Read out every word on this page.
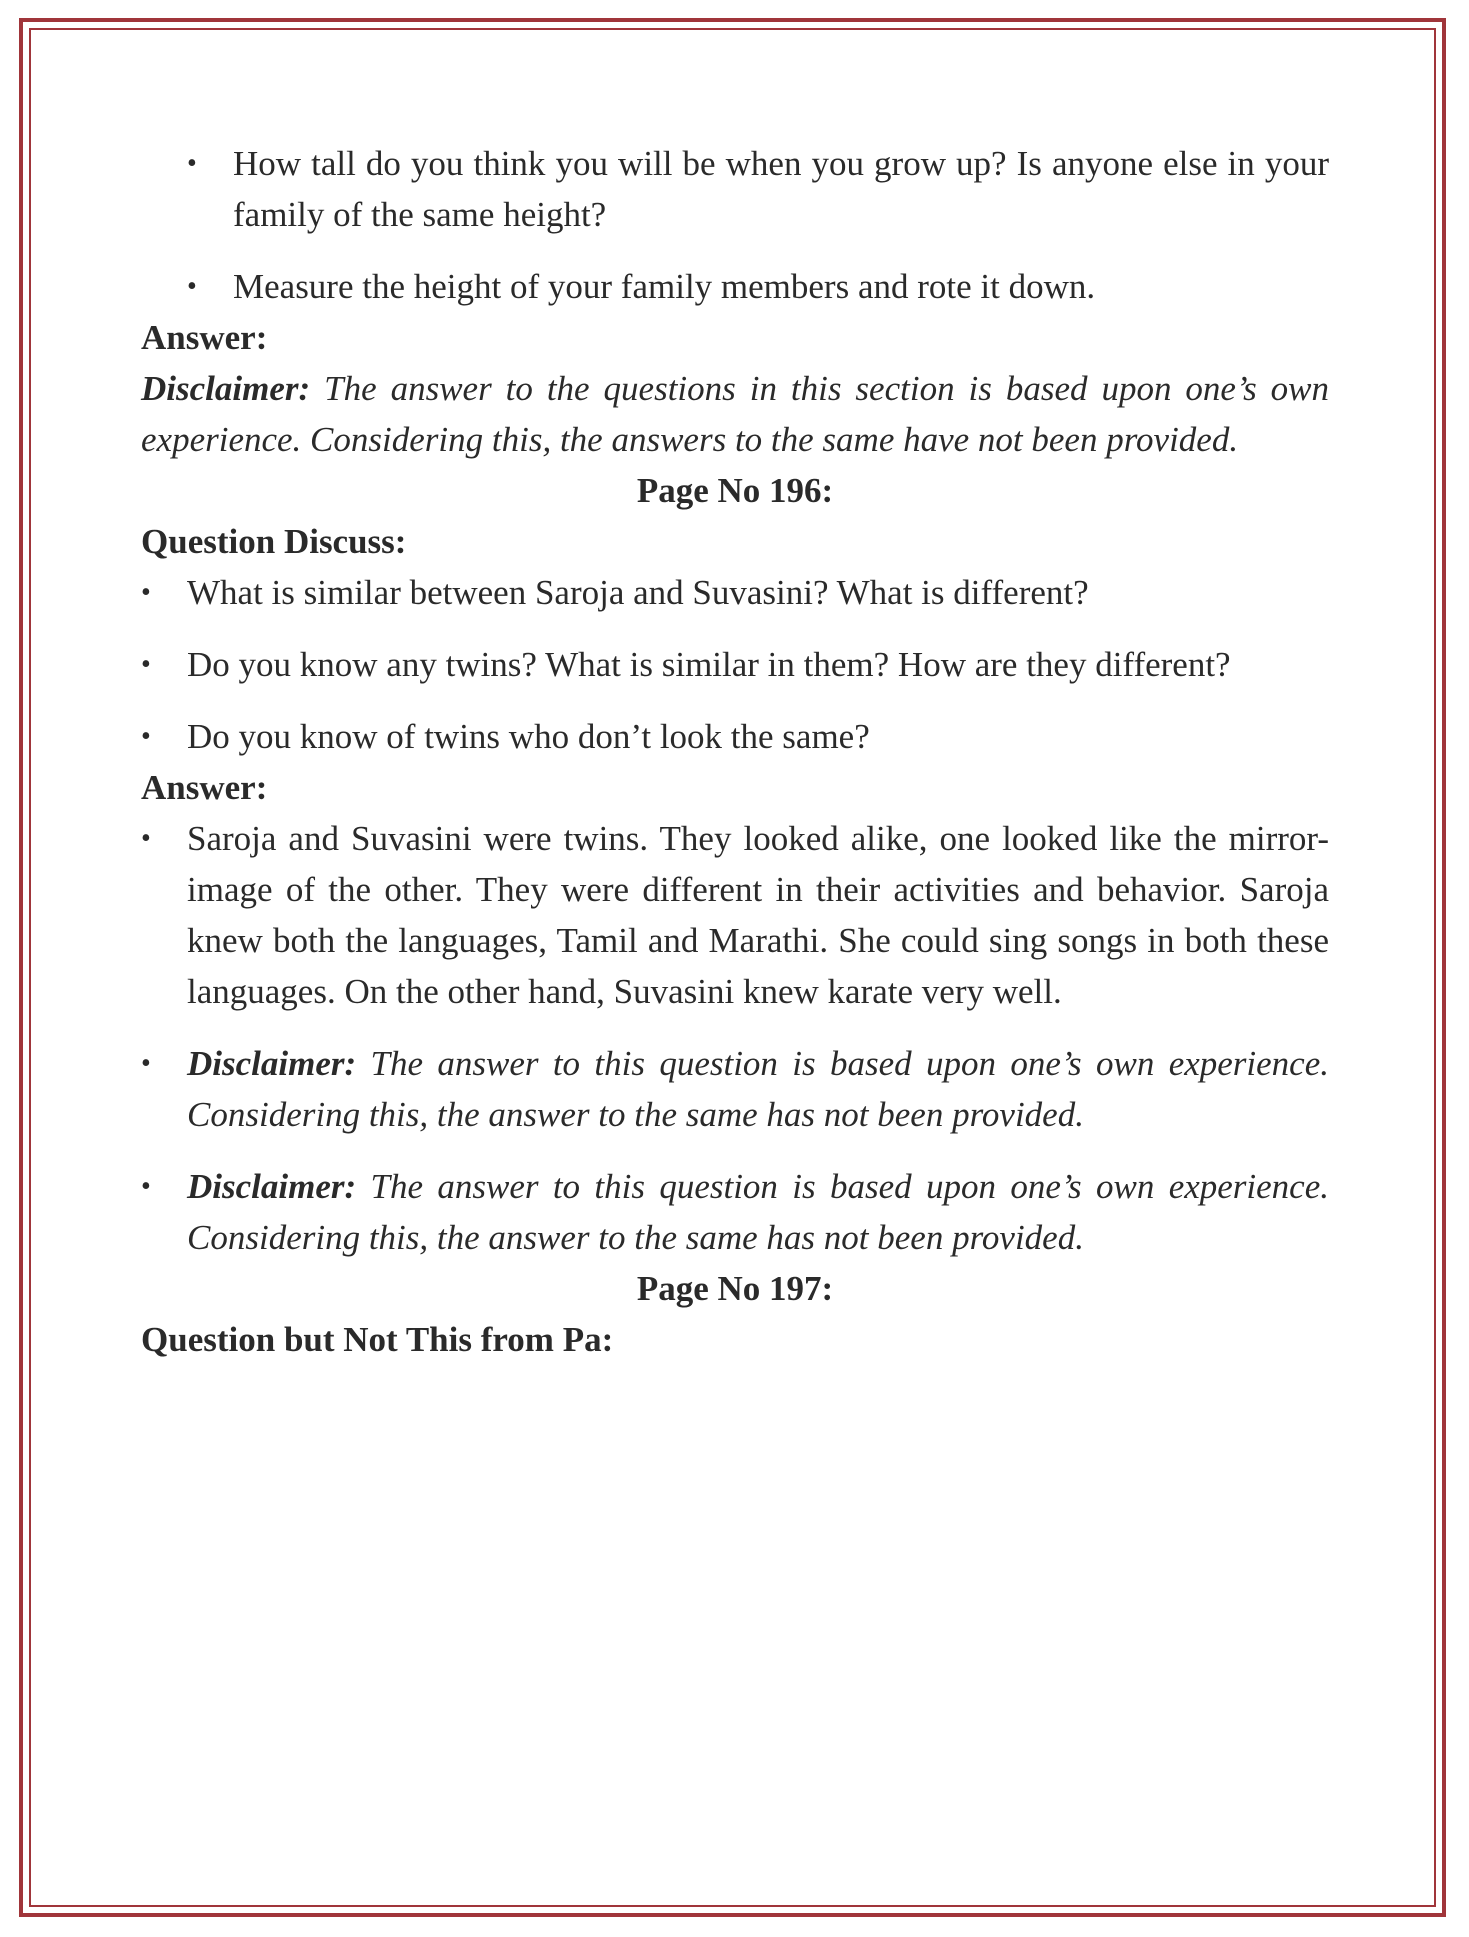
• How tall do you think you will be when you grow up? Is anyone else in your family of the same height?
• Measure the height of your family members and rote it down.

Answer:

Disclaimer: The answer to the questions in this section is based upon one’s own experience. Considering this, the answers to the same have not been provided.

Page No 196:

Question Discuss:

• What is similar between Saroja and Suvasini? What is different?
• Do you know any twins? What is similar in them? How are they different?
• Do you know of twins who don’t look the same?

Answer:

• Saroja and Suvasini were twins. They looked alike, one looked like the mirror-image of the other. They were different in their activities and behavior. Saroja knew both the languages, Tamil and Marathi. She could sing songs in both these languages. On the other hand, Suvasini knew karate very well.
• Disclaimer: The answer to this question is based upon one’s own experience. Considering this, the answer to the same has not been provided.
• Disclaimer: The answer to this question is based upon one’s own experience. Considering this, the answer to the same has not been provided.

Page No 197:

Question but Not This from Pa:
